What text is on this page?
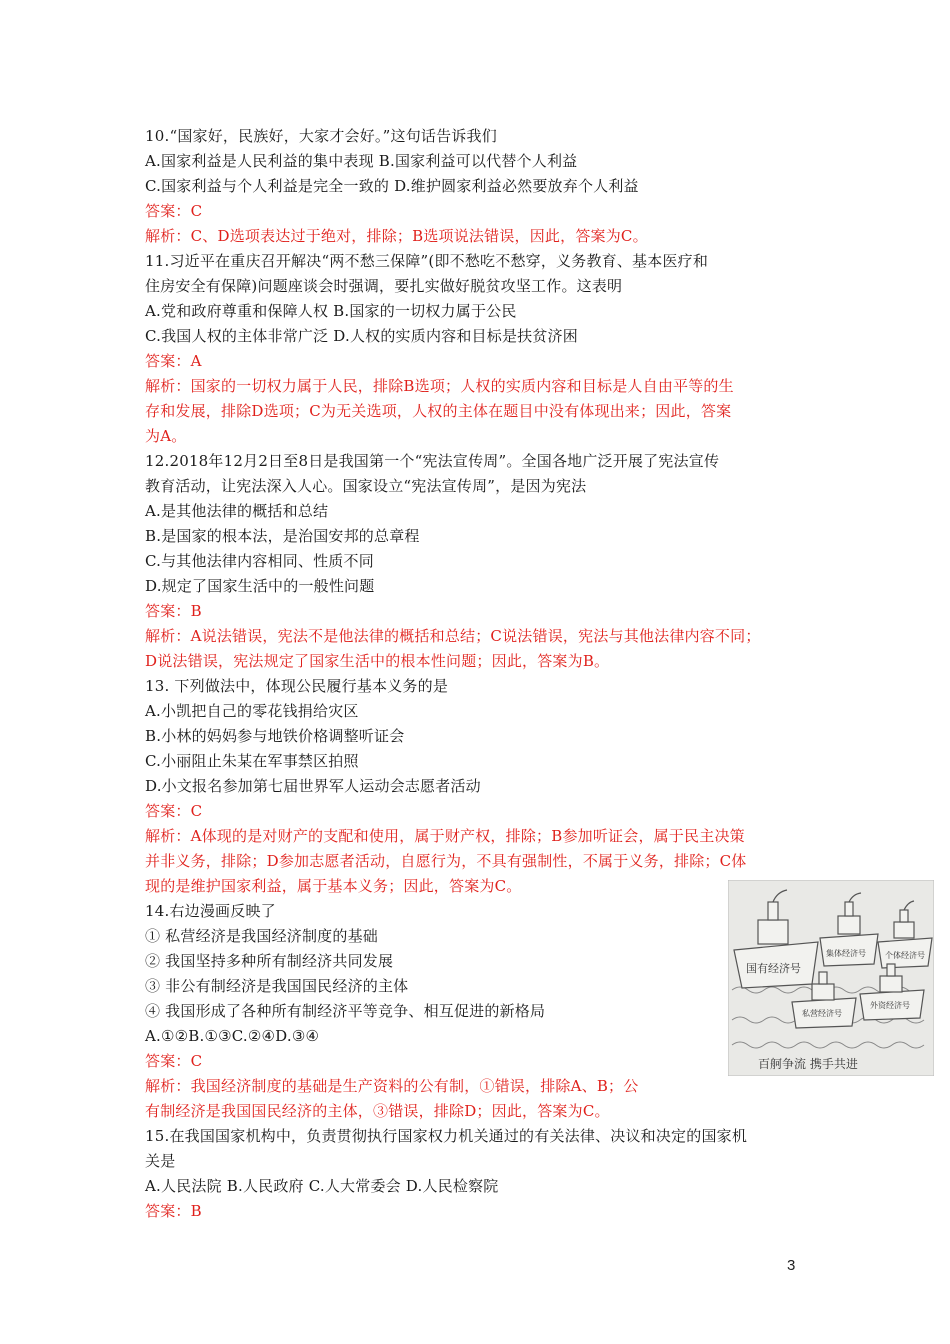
10.“国家好，民族好，大家才会好。”这句话告诉我们
A.国家利益是人民利益的集中表现 B.国家利益可以代替个人利益
C.国家利益与个人利益是完全一致的 D.维护圆家利益必然要放弃个人利益
答案：C
解析：C、D选项表达过于绝对，排除；B选项说法错误，因此，答案为C。
11.习近平在重庆召开解决“两不愁三保障”(即不愁吃不愁穿，义务教育、基本医疗和
住房安全有保障)问题座谈会时强调，要扎实做好脱贫攻坚工作。这表明
A.党和政府尊重和保障人权 B.国家的一切权力属于公民
C.我国人权的主体非常广泛 D.人权的实质内容和目标是扶贫济困
答案：A
解析：国家的一切权力属于人民，排除B选项；人权的实质内容和目标是人自由平等的生
存和发展，排除D选项；C为无关选项，人权的主体在题目中没有体现出来；因此，答案
为A。
12.2018年12月2日至8日是我国第一个“宪法宣传周”。全国各地广泛开展了宪法宣传
教育活动，让宪法深入人心。国家设立“宪法宣传周”，是因为宪法
A.是其他法律的概括和总结
B.是国家的根本法，是治国安邦的总章程
C.与其他法律内容相同、性质不同
D.规定了国家生活中的一般性问题
答案：B
解析：A说法错误，宪法不是他法律的概括和总结；C说法错误，宪法与其他法律内容不同；
D说法错误，宪法规定了国家生活中的根本性问题；因此，答案为B。
13. 下列做法中，体现公民履行基本义务的是
A.小凯把自己的零花钱捐给灾区
B.小林的妈妈参与地铁价格调整听证会
C.小丽阻止朱某在军事禁区拍照
D.小文报名参加第七届世界军人运动会志愿者活动
答案：C
解析：A体现的是对财产的支配和使用，属于财产权，排除；B参加听证会，属于民主决策
并非义务，排除；D参加志愿者活动，自愿行为，不具有强制性，不属于义务，排除；C体
现的是维护国家利益，属于基本义务；因此，答案为C。
14.右边漫画反映了
① 私营经济是我国经济制度的基础
② 我国坚持多种所有制经济共同发展
③ 非公有制经济是我国国民经济的主体
④ 我国形成了各种所有制经济平等竞争、相互促进的新格局
A.①②B.①③C.②④D.③④
答案：C
解析：我国经济制度的基础是生产资料的公有制，①错误，排除A、B；公
有制经济是我国国民经济的主体，③错误，排除D；因此，答案为C。
15.在我国国家机构中，负责贯彻执行国家权力机关通过的有关法律、决议和决定的国家机
关是
A.人民法院 B.人民政府 C.人大常委会 D.人民检察院
答案：B
国有经济号
集体经济号 个体经济号
私营经济号
外资经济号
百舸争流 携手共进
3
